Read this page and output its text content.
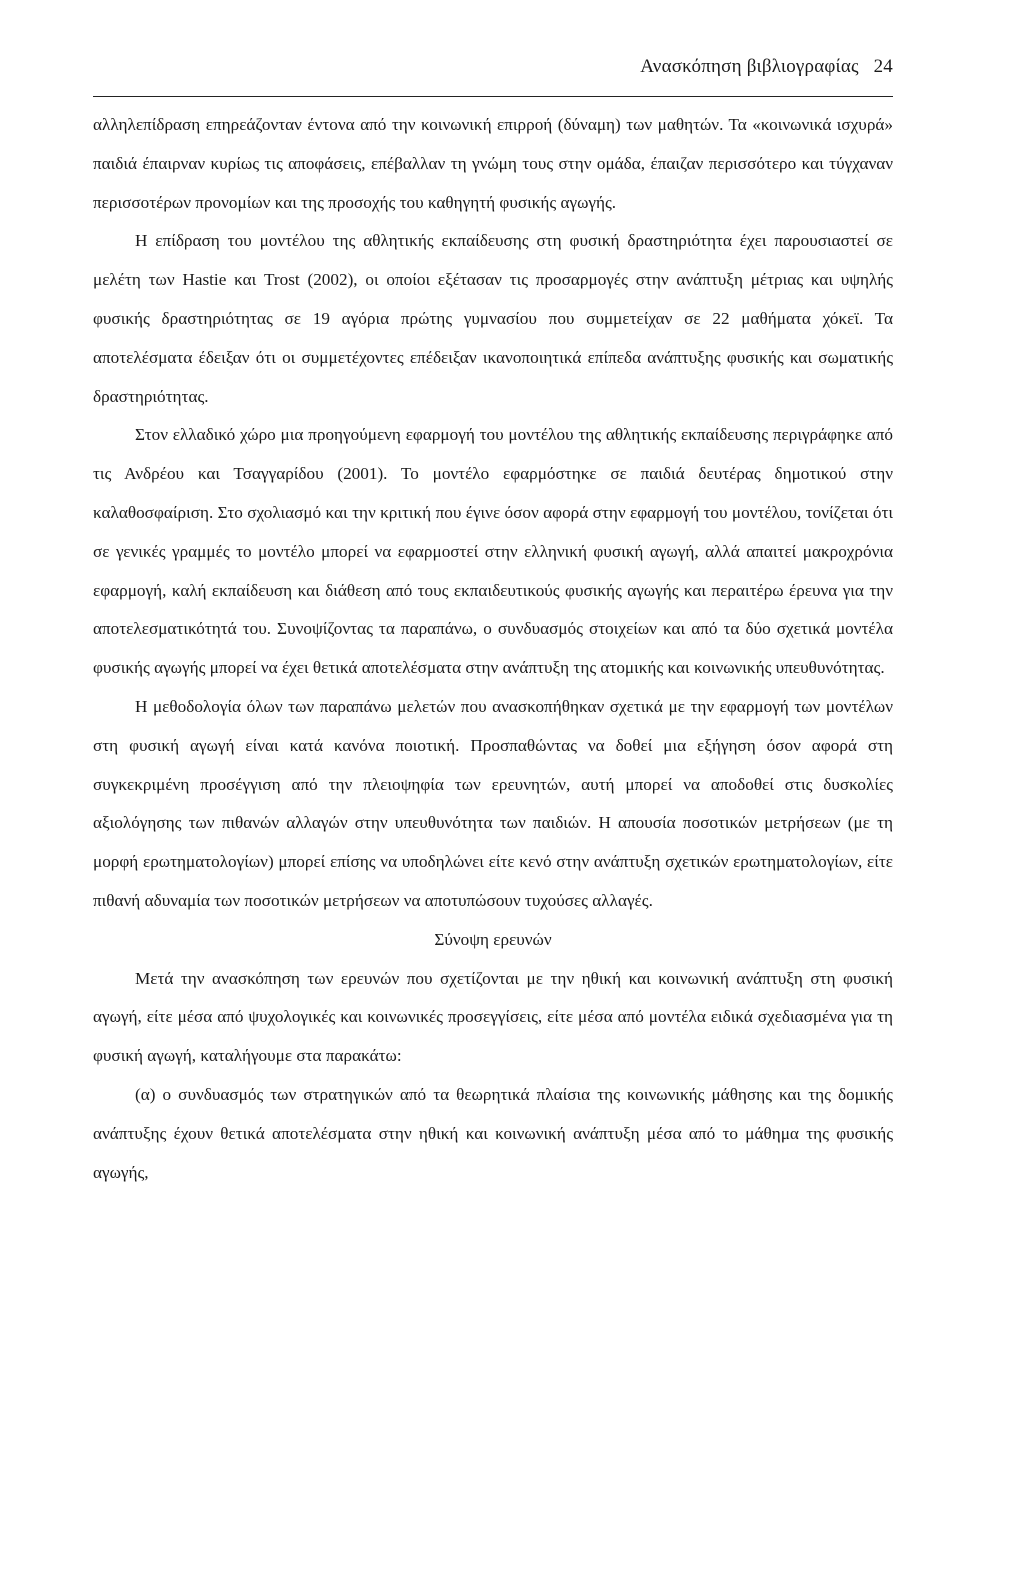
Ανασκόπηση βιβλιογραφίας 24

αλληλεπίδραση επηρεάζονταν έντονα από την κοινωνική επιρροή (δύναμη) των μαθητών. Τα «κοινωνικά ισχυρά» παιδιά έπαιρναν κυρίως τις αποφάσεις, επέβαλλαν τη γνώμη τους στην ομάδα, έπαιζαν περισσότερο και τύγχαναν περισσοτέρων προνομίων και της προσοχής του καθηγητή φυσικής αγωγής.

Η επίδραση του μοντέλου της αθλητικής εκπαίδευσης στη φυσική δραστηριότητα έχει παρουσιαστεί σε μελέτη των Hastie και Trost (2002), οι οποίοι εξέτασαν τις προσαρμογές στην ανάπτυξη μέτριας και υψηλής φυσικής δραστηριότητας σε 19 αγόρια πρώτης γυμνασίου που συμμετείχαν σε 22 μαθήματα χόκεϊ. Τα αποτελέσματα έδειξαν ότι οι συμμετέχοντες επέδειξαν ικανοποιητικά επίπεδα ανάπτυξης φυσικής και σωματικής δραστηριότητας.

Στον ελλαδικό χώρο μια προηγούμενη εφαρμογή του μοντέλου της αθλητικής εκπαίδευσης περιγράφηκε από τις Ανδρέου και Τσαγγαρίδου (2001). Το μοντέλο εφαρμόστηκε σε παιδιά δευτέρας δημοτικού στην καλαθοσφαίριση. Στο σχολιασμό και την κριτική που έγινε όσον αφορά στην εφαρμογή του μοντέλου, τονίζεται ότι σε γενικές γραμμές το μοντέλο μπορεί να εφαρμοστεί στην ελληνική φυσική αγωγή, αλλά απαιτεί μακροχρόνια εφαρμογή, καλή εκπαίδευση και διάθεση από τους εκπαιδευτικούς φυσικής αγωγής και περαιτέρω έρευνα για την αποτελεσματικότητά του. Συνοψίζοντας τα παραπάνω, ο συνδυασμός στοιχείων και από τα δύο σχετικά μοντέλα φυσικής αγωγής μπορεί να έχει θετικά αποτελέσματα στην ανάπτυξη της ατομικής και κοινωνικής υπευθυνότητας.

Η μεθοδολογία όλων των παραπάνω μελετών που ανασκοπήθηκαν σχετικά με την εφαρμογή των μοντέλων στη φυσική αγωγή είναι κατά κανόνα ποιοτική. Προσπαθώντας να δοθεί μια εξήγηση όσον αφορά στη συγκεκριμένη προσέγγιση από την πλειοψηφία των ερευνητών, αυτή μπορεί να αποδοθεί στις δυσκολίες αξιολόγησης των πιθανών αλλαγών στην υπευθυνότητα των παιδιών. Η απουσία ποσοτικών μετρήσεων (με τη μορφή ερωτηματολογίων) μπορεί επίσης να υποδηλώνει είτε κενό στην ανάπτυξη σχετικών ερωτηματολογίων, είτε πιθανή αδυναμία των ποσοτικών μετρήσεων να αποτυπώσουν τυχούσες αλλαγές.

Σύνοψη ερευνών

Μετά την ανασκόπηση των ερευνών που σχετίζονται με την ηθική και κοινωνική ανάπτυξη στη φυσική αγωγή, είτε μέσα από ψυχολογικές και κοινωνικές προσεγγίσεις, είτε μέσα από μοντέλα ειδικά σχεδιασμένα για τη φυσική αγωγή, καταλήγουμε στα παρακάτω:

(α) ο συνδυασμός των στρατηγικών από τα θεωρητικά πλαίσια της κοινωνικής μάθησης και της δομικής ανάπτυξης έχουν θετικά αποτελέσματα στην ηθική και κοινωνική ανάπτυξη μέσα από το μάθημα της φυσικής αγωγής,
